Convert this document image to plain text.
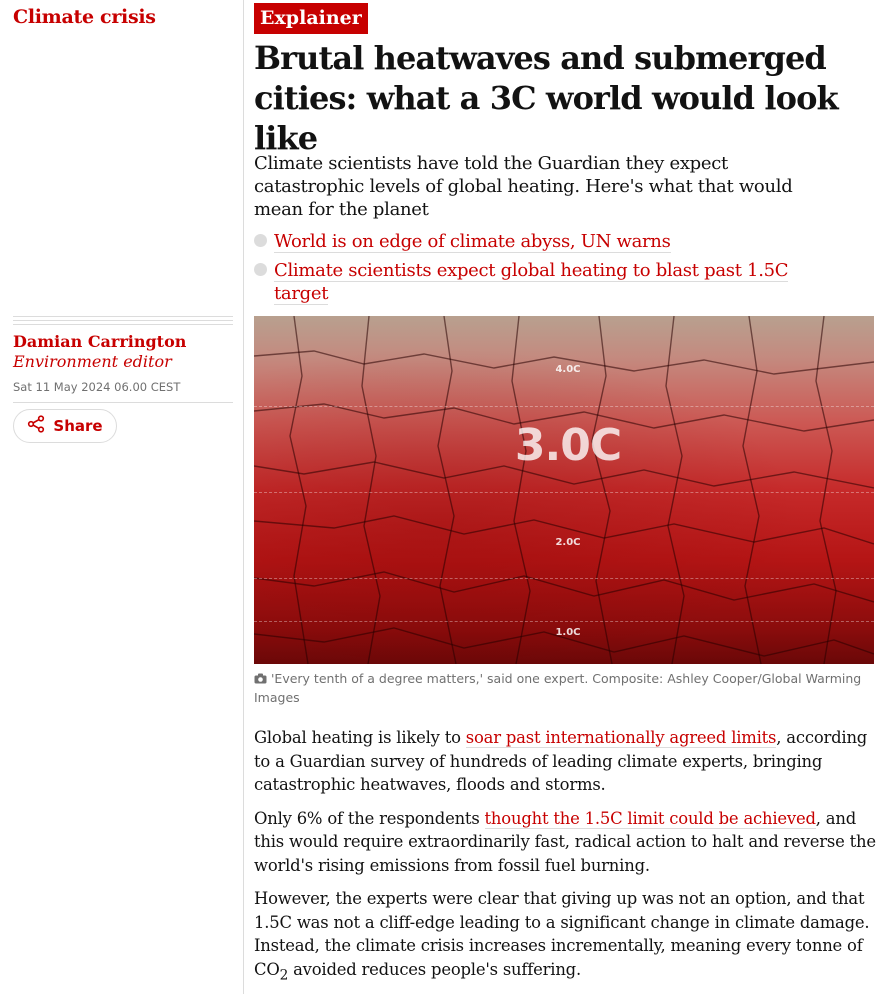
Climate crisis
Damian Carrington
Environment editor
Sat 11 May 2024 06.00 CEST
Share
Explainer
Brutal heatwaves and submerged cities: what a 3C world would look like

Climate scientists have told the Guardian they expect catastrophic levels of global heating. Here's what that would mean for the planet

World is on edge of climate abyss, UN warns
Climate scientists expect global heating to blast past 1.5C target
4.0C
3.0C
2.0C
1.0C
'Every tenth of a degree matters,' said one expert. Composite: Ashley Cooper/Global Warming Images

Global heating is likely to soar past internationally agreed limits, according to a Guardian survey of hundreds of leading climate experts, bringing catastrophic heatwaves, floods and storms.

Only 6% of the respondents thought the 1.5C limit could be achieved, and this would require extraordinarily fast, radical action to halt and reverse the world's rising emissions from fossil fuel burning.

However, the experts were clear that giving up was not an option, and that 1.5C was not a cliff-edge leading to a significant change in climate damage. Instead, the climate crisis increases incrementally, meaning every tonne of $CO_2$ avoided reduces people's suffering.
